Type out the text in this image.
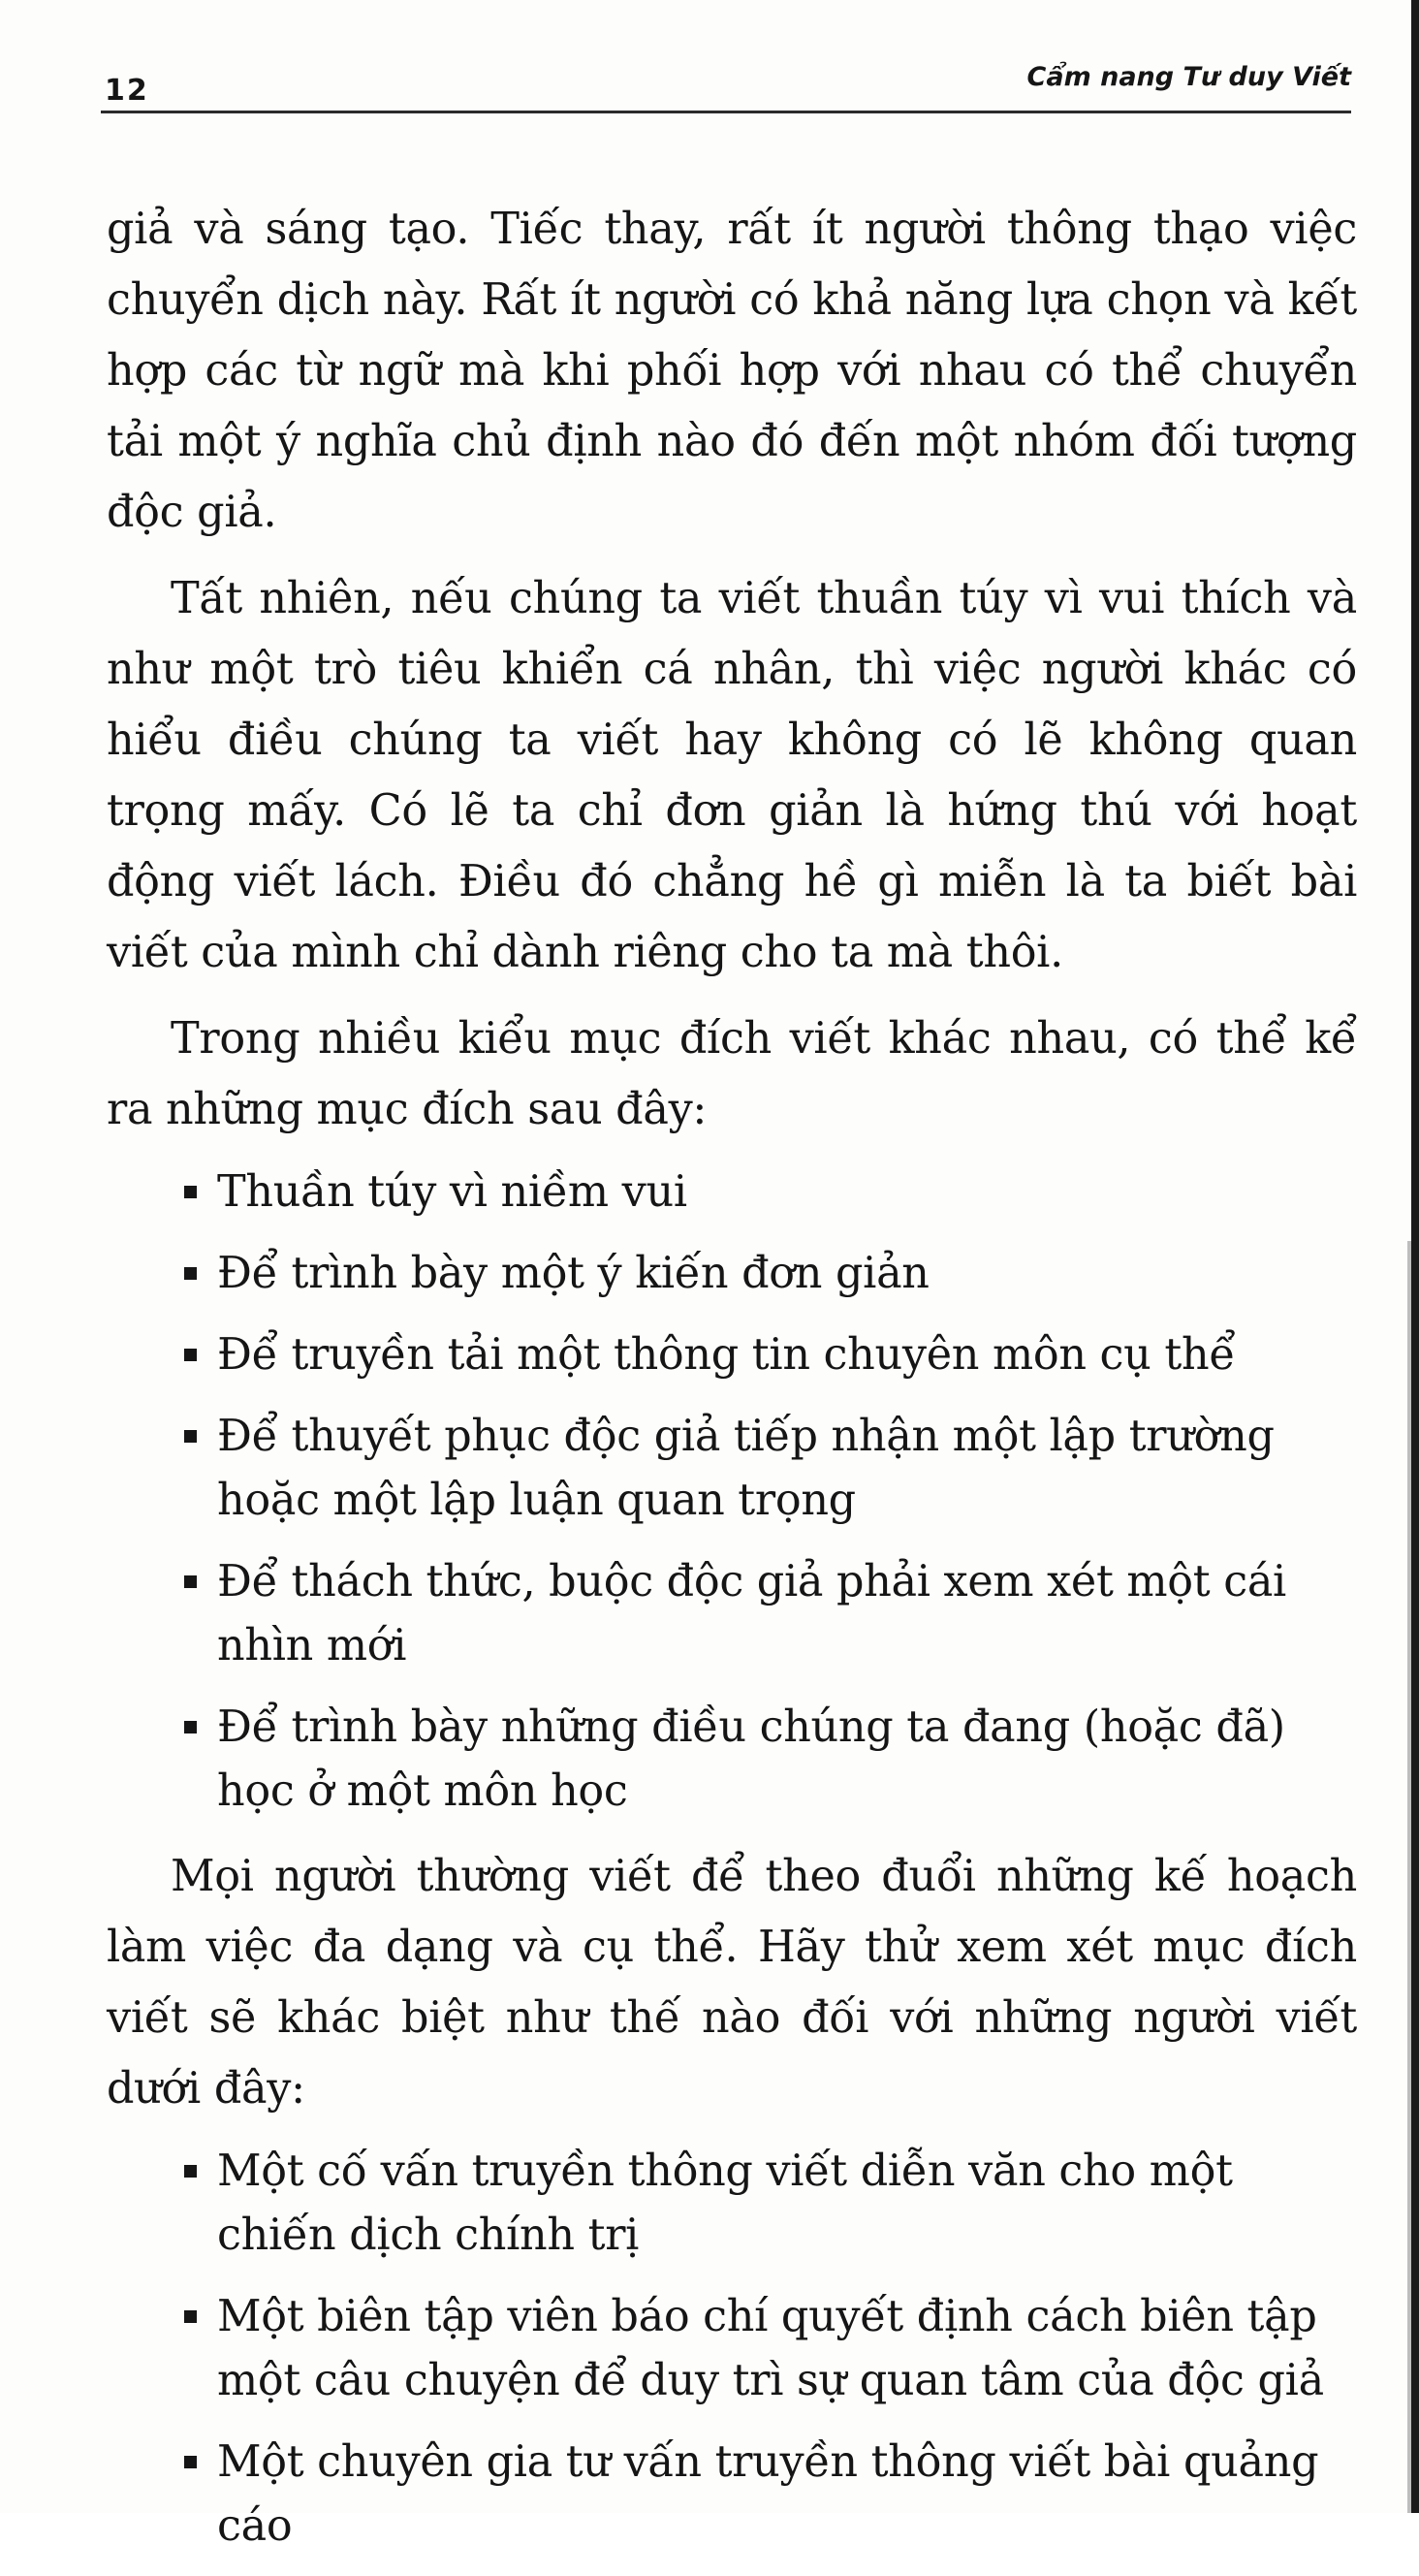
12	Cẩm nang Tư duy Viết

giả và sáng tạo. Tiếc thay, rất ít người thông thạo việc chuyển dịch này. Rất ít người có khả năng lựa chọn và kết hợp các từ ngữ mà khi phối hợp với nhau có thể chuyển tải một ý nghĩa chủ định nào đó đến một nhóm đối tượng độc giả.

Tất nhiên, nếu chúng ta viết thuần túy vì vui thích và như một trò tiêu khiển cá nhân, thì việc người khác có hiểu điều chúng ta viết hay không có lẽ không quan trọng mấy. Có lẽ ta chỉ đơn giản là hứng thú với hoạt động viết lách. Điều đó chẳng hề gì miễn là ta biết bài viết của mình chỉ dành riêng cho ta mà thôi.

Trong nhiều kiểu mục đích viết khác nhau, có thể kể ra những mục đích sau đây:

Thuần túy vì niềm vui
Để trình bày một ý kiến đơn giản
Để truyền tải một thông tin chuyên môn cụ thể
Để thuyết phục độc giả tiếp nhận một lập trường hoặc một lập luận quan trọng
Để thách thức, buộc độc giả phải xem xét một cái nhìn mới
Để trình bày những điều chúng ta đang (hoặc đã) học ở một môn học

Mọi người thường viết để theo đuổi những kế hoạch làm việc đa dạng và cụ thể. Hãy thử xem xét mục đích viết sẽ khác biệt như thế nào đối với những người viết dưới đây:

Một cố vấn truyền thông viết diễn văn cho một chiến dịch chính trị
Một biên tập viên báo chí quyết định cách biên tập một câu chuyện để duy trì sự quan tâm của độc giả
Một chuyên gia tư vấn truyền thông viết bài quảng cáo
